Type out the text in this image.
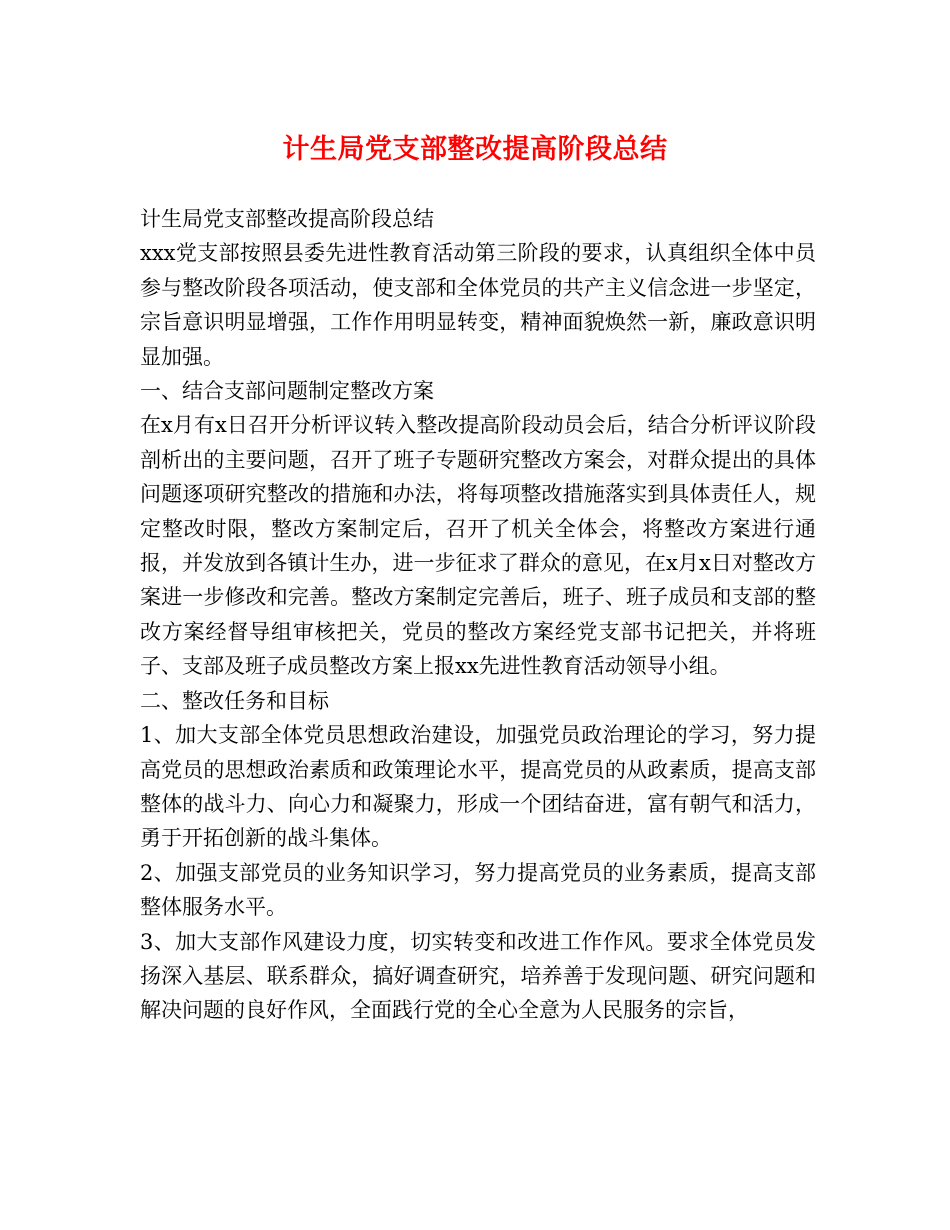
计生局党支部整改提高阶段总结

计生局党支部整改提高阶段总结

xxx党支部按照县委先进性教育活动第三阶段的要求，认真组织全体中员参与整改阶段各项活动，使支部和全体党员的共产主义信念进一步坚定，宗旨意识明显增强，工作作用明显转变，精神面貌焕然一新，廉政意识明显加强。

一、结合支部问题制定整改方案

在x月有x日召开分析评议转入整改提高阶段动员会后，结合分析评议阶段剖析出的主要问题，召开了班子专题研究整改方案会，对群众提出的具体问题逐项研究整改的措施和办法，将每项整改措施落实到具体责任人，规定整改时限，整改方案制定后，召开了机关全体会，将整改方案进行通报，并发放到各镇计生办，进一步征求了群众的意见，在x月x日对整改方案进一步修改和完善。整改方案制定完善后，班子、班子成员和支部的整改方案经督导组审核把关，党员的整改方案经党支部书记把关，并将班子、支部及班子成员整改方案上报xx先进性教育活动领导小组。

二、整改任务和目标

1、加大支部全体党员思想政治建设，加强党员政治理论的学习，努力提高党员的思想政治素质和政策理论水平，提高党员的从政素质，提高支部整体的战斗力、向心力和凝聚力，形成一个团结奋进，富有朝气和活力，勇于开拓创新的战斗集体。

2、加强支部党员的业务知识学习，努力提高党员的业务素质，提高支部整体服务水平。

3、加大支部作风建设力度，切实转变和改进工作作风。要求全体党员发扬深入基层、联系群众，搞好调查研究，培养善于发现问题、研究问题和解决问题的良好作风，全面践行党的全心全意为人民服务的宗旨，
